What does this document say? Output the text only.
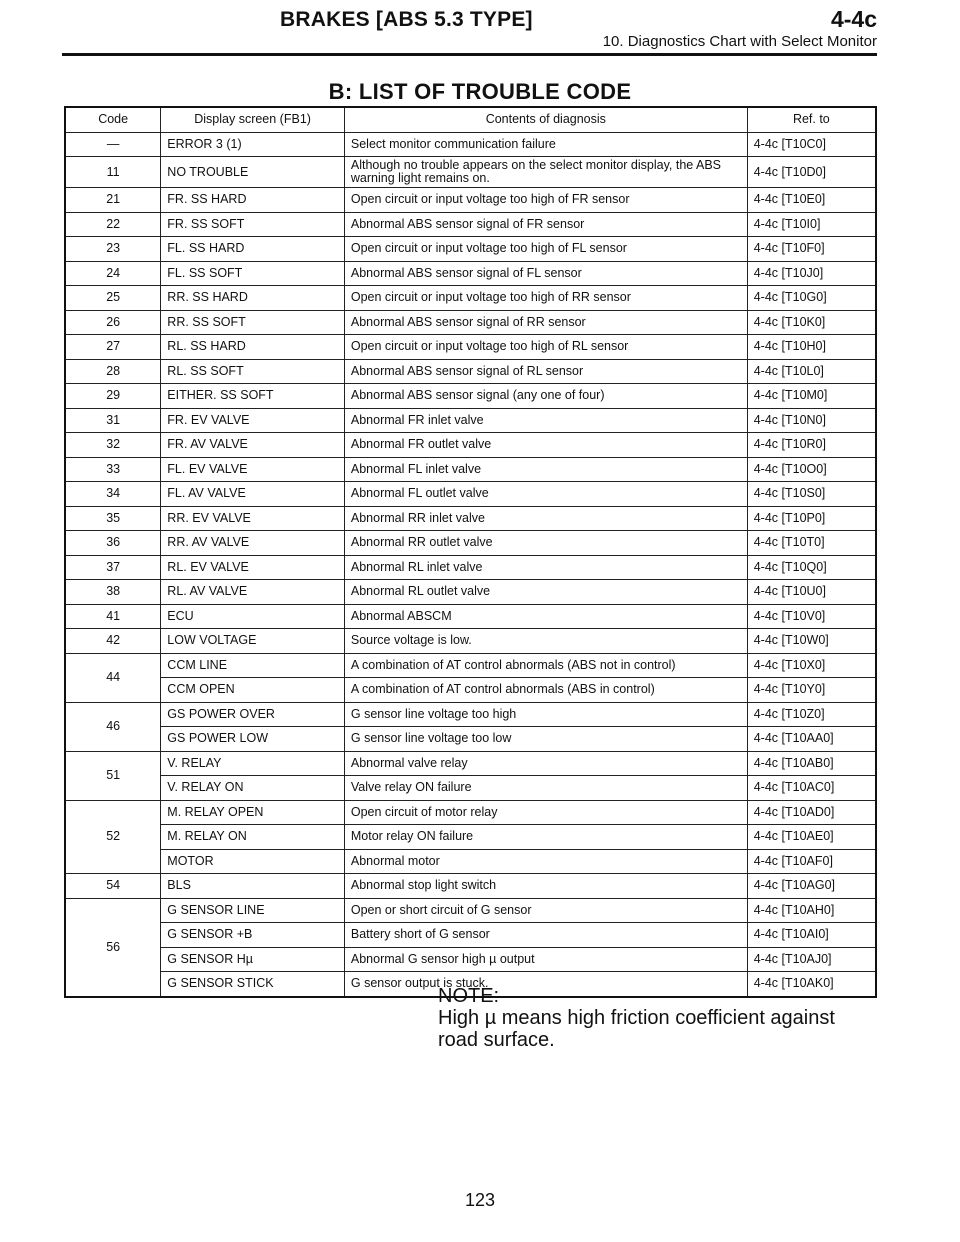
BRAKES [ABS 5.3 TYPE]	4-4c
10. Diagnostics Chart with Select Monitor
B: LIST OF TROUBLE CODE
Code	Display screen (FB1)	Contents of diagnosis	Ref. to
—	ERROR 3 (1)	Select monitor communication failure	4-4c [T10C0]
11	NO TROUBLE	Although no trouble appears on the select monitor display, the ABS warning light remains on.	4-4c [T10D0]
21	FR. SS HARD	Open circuit or input voltage too high of FR sensor	4-4c [T10E0]
22	FR. SS SOFT	Abnormal ABS sensor signal of FR sensor	4-4c [T10I0]
23	FL. SS HARD	Open circuit or input voltage too high of FL sensor	4-4c [T10F0]
24	FL. SS SOFT	Abnormal ABS sensor signal of FL sensor	4-4c [T10J0]
25	RR. SS HARD	Open circuit or input voltage too high of RR sensor	4-4c [T10G0]
26	RR. SS SOFT	Abnormal ABS sensor signal of RR sensor	4-4c [T10K0]
27	RL. SS HARD	Open circuit or input voltage too high of RL sensor	4-4c [T10H0]
28	RL. SS SOFT	Abnormal ABS sensor signal of RL sensor	4-4c [T10L0]
29	EITHER. SS SOFT	Abnormal ABS sensor signal (any one of four)	4-4c [T10M0]
31	FR. EV VALVE	Abnormal FR inlet valve	4-4c [T10N0]
32	FR. AV VALVE	Abnormal FR outlet valve	4-4c [T10R0]
33	FL. EV VALVE	Abnormal FL inlet valve	4-4c [T10O0]
34	FL. AV VALVE	Abnormal FL outlet valve	4-4c [T10S0]
35	RR. EV VALVE	Abnormal RR inlet valve	4-4c [T10P0]
36	RR. AV VALVE	Abnormal RR outlet valve	4-4c [T10T0]
37	RL. EV VALVE	Abnormal RL inlet valve	4-4c [T10Q0]
38	RL. AV VALVE	Abnormal RL outlet valve	4-4c [T10U0]
41	ECU	Abnormal ABSCM	4-4c [T10V0]
42	LOW VOLTAGE	Source voltage is low.	4-4c [T10W0]
44	CCM LINE	A combination of AT control abnormals (ABS not in control)	4-4c [T10X0]
	CCM OPEN	A combination of AT control abnormals (ABS in control)	4-4c [T10Y0]
46	GS POWER OVER	G sensor line voltage too high	4-4c [T10Z0]
	GS POWER LOW	G sensor line voltage too low	4-4c [T10AA0]
51	V. RELAY	Abnormal valve relay	4-4c [T10AB0]
	V. RELAY ON	Valve relay ON failure	4-4c [T10AC0]
52	M. RELAY OPEN	Open circuit of motor relay	4-4c [T10AD0]
	M. RELAY ON	Motor relay ON failure	4-4c [T10AE0]
	MOTOR	Abnormal motor	4-4c [T10AF0]
54	BLS	Abnormal stop light switch	4-4c [T10AG0]
56	G SENSOR LINE	Open or short circuit of G sensor	4-4c [T10AH0]
	G SENSOR +B	Battery short of G sensor	4-4c [T10AI0]
	G SENSOR Hµ	Abnormal G sensor high µ output	4-4c [T10AJ0]
	G SENSOR STICK	G sensor output is stuck.	4-4c [T10AK0]

NOTE:

High µ means high friction coefficient against road surface.

123
